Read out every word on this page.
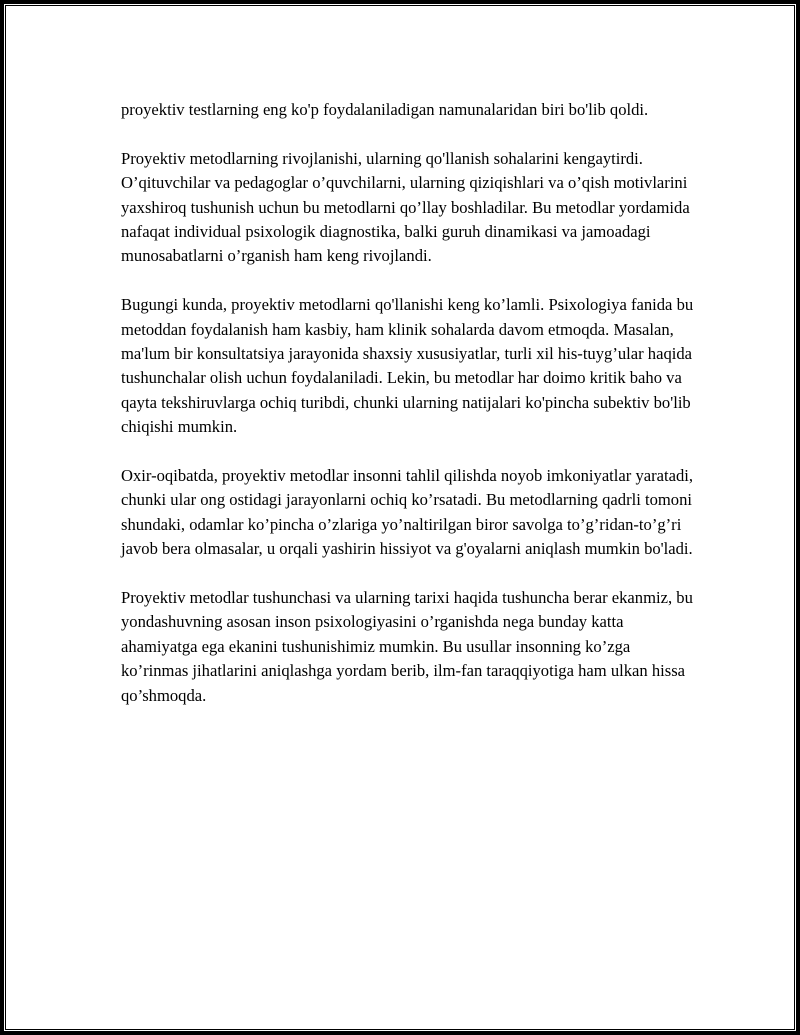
proyektiv testlarning eng ko'p foydalaniladigan namunalaridan biri bo'lib qoldi.

Proyektiv metodlarning rivojlanishi, ularning qo'llanish sohalarini kengaytirdi. O’qituvchilar va pedagoglar o’quvchilarni, ularning qiziqishlari va o’qish motivlarini yaxshiroq tushunish uchun bu metodlarni qo’llay boshladilar. Bu metodlar yordamida nafaqat individual psixologik diagnostika, balki guruh dinamikasi va jamoadagi munosabatlarni o’rganish ham keng rivojlandi.

Bugungi kunda, proyektiv metodlarni qo'llanishi keng ko’lamli. Psixologiya fanida bu metoddan foydalanish ham kasbiy, ham klinik sohalarda davom etmoqda. Masalan, ma'lum bir konsultatsiya jarayonida shaxsiy xususiyatlar, turli xil his-tuyg’ular haqida tushunchalar olish uchun foydalaniladi. Lekin, bu metodlar har doimo kritik baho va qayta tekshiruvlarga ochiq turibdi, chunki ularning natijalari ko'pincha subektiv bo'lib chiqishi mumkin.

Oxir-oqibatda, proyektiv metodlar insonni tahlil qilishda noyob imkoniyatlar yaratadi, chunki ular ong ostidagi jarayonlarni ochiq ko’rsatadi. Bu metodlarning qadrli tomoni shundaki, odamlar ko’pincha o’zlariga yo’naltirilgan biror savolga to’g’ridan-to’g’ri javob bera olmasalar, u orqali yashirin hissiyot va g'oyalarni aniqlash mumkin bo'ladi.

Proyektiv metodlar tushunchasi va ularning tarixi haqida tushuncha berar ekanmiz, bu yondashuvning asosan inson psixologiyasini o’rganishda nega bunday katta ahamiyatga ega ekanini tushunishimiz mumkin. Bu usullar insonning ko’zga ko’rinmas jihatlarini aniqlashga yordam berib, ilm-fan taraqqiyotiga ham ulkan hissa qo’shmoqda.
